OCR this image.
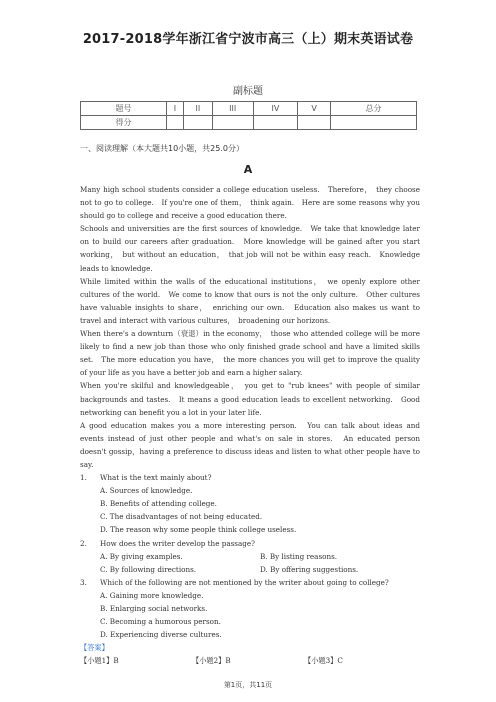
2017-2018学年浙江省宁波市高三（上）期末英语试卷
副标题
题号	I	II	III	IV	V	总分
得分						
一、阅读理解（本大题共10小题，共25.0分）
A

Many high school students consider a college education useless.　Therefore，　they choose not to go to college.　If you're one of them，　think again.　Here are some reasons why you should go to college and receive a good education there.

Schools and universities are the first sources of knowledge.　We take that knowledge later on to build our careers after graduation.　More knowledge will be gained after you start working，　but without an education，　that job will not be within easy reach.　Knowledge leads to knowledge.

While limited within the walls of the educational institutions，　we openly explore other cultures of the world.　We come to know that ours is not the only culture.　Other cultures have valuable insights to share，　enriching our own.　Education also makes us want to travel and interact with various cultures，　broadening our horizons.

When there's a downturn（衰退）in the economy，　those who attended college will be more likely to find a new job than those who only finished grade school and have a limited skills set.　The more education you have，　the more chances you will get to improve the quality of your life as you have a better job and earn a higher salary.

When you're skilful and knowledgeable，　you get to "rub knees" with people of similar backgrounds and tastes.　It means a good education leads to excellent networking.　Good networking can benefit you a lot in your later life.

A good education makes you a more interesting person.　You can talk about ideas and events instead of just other people and what's on sale in stores.　An educated person doesn't gossip，having a preference to discuss ideas and listen to what other people have to say.

1. What is the text mainly about?

A. Sources of knowledge.

B. Benefits of attending college.

C. The disadvantages of not being educated.

D. The reason why some people think college useless.

2. How does the writer develop the passage?

A. By giving examples.	B. By listing reasons.
C. By following directions.	D. By offering suggestions.

3. Which of the following are not mentioned by the writer about going to college?

A. Gaining more knowledge.

B. Enlarging social networks.

C. Becoming a humorous person.

D. Experiencing diverse cultures.

【答案】

【小题1】B	【小题2】B	【小题3】C
第1页，共11页
